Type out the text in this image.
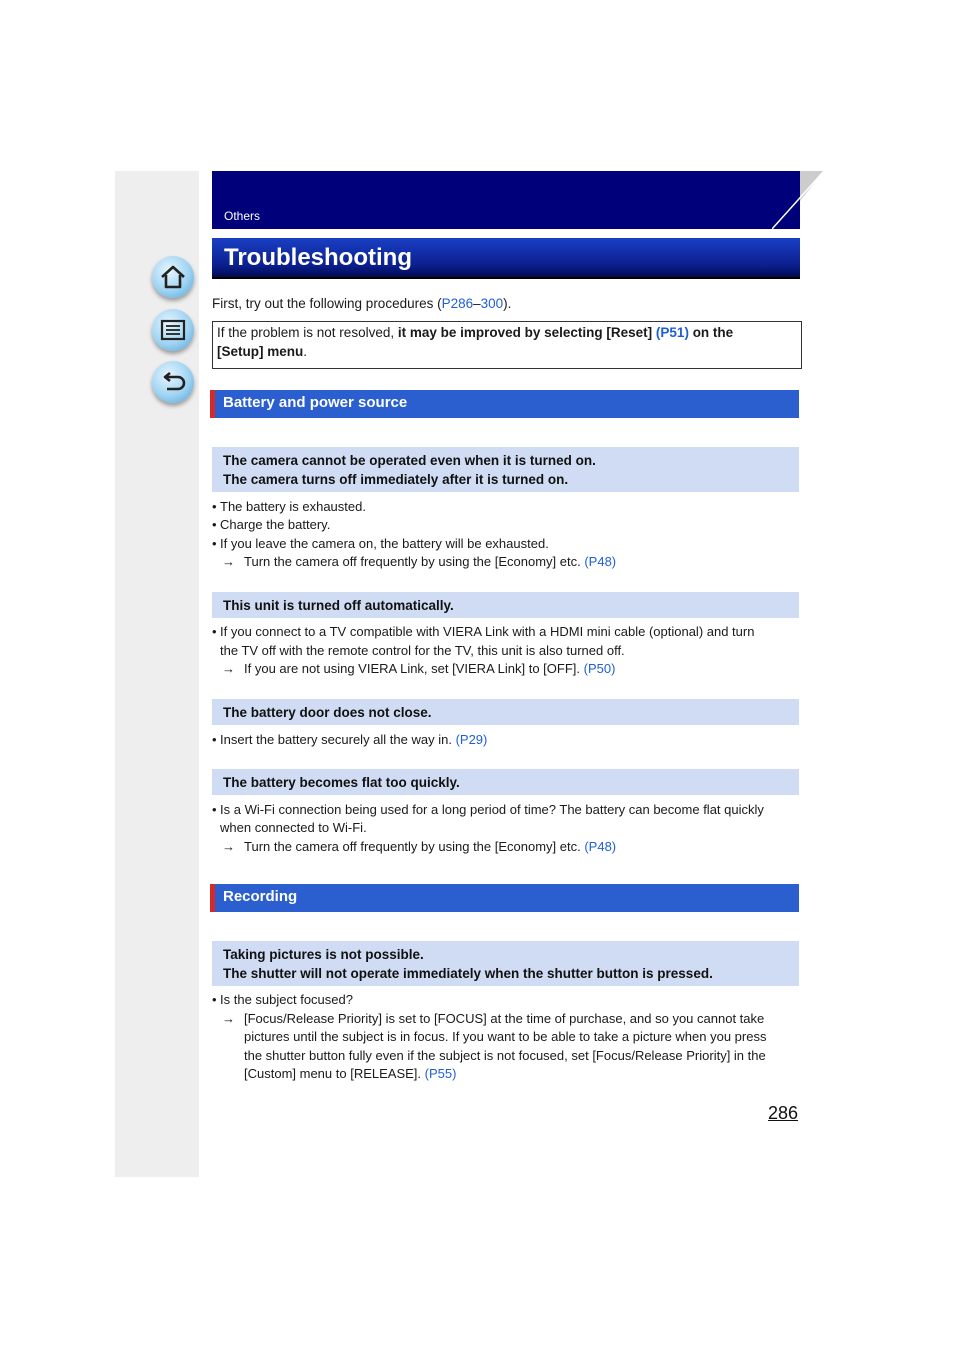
Others
Troubleshooting
First, try out the following procedures (P286–300).
If the problem is not resolved, it may be improved by selecting [Reset] (P51) on the
[Setup] menu.
Battery and power source
The camera cannot be operated even when it is turned on.
The camera turns off immediately after it is turned on.
• The battery is exhausted.
• Charge the battery.
• If you leave the camera on, the battery will be exhausted.
→ Turn the camera off frequently by using the [Economy] etc. (P48)
This unit is turned off automatically.
• If you connect to a TV compatible with VIERA Link with a HDMI mini cable (optional) and turn
the TV off with the remote control for the TV, this unit is also turned off.
→ If you are not using VIERA Link, set [VIERA Link] to [OFF]. (P50)
The battery door does not close.
• Insert the battery securely all the way in. (P29)
The battery becomes flat too quickly.
• Is a Wi-Fi connection being used for a long period of time? The battery can become flat quickly
when connected to Wi-Fi.
→ Turn the camera off frequently by using the [Economy] etc. (P48)
Recording
Taking pictures is not possible.
The shutter will not operate immediately when the shutter button is pressed.
• Is the subject focused?
→ [Focus/Release Priority] is set to [FOCUS] at the time of purchase, and so you cannot take
pictures until the subject is in focus. If you want to be able to take a picture when you press
the shutter button fully even if the subject is not focused, set [Focus/Release Priority] in the
[Custom] menu to [RELEASE]. (P55)
286
